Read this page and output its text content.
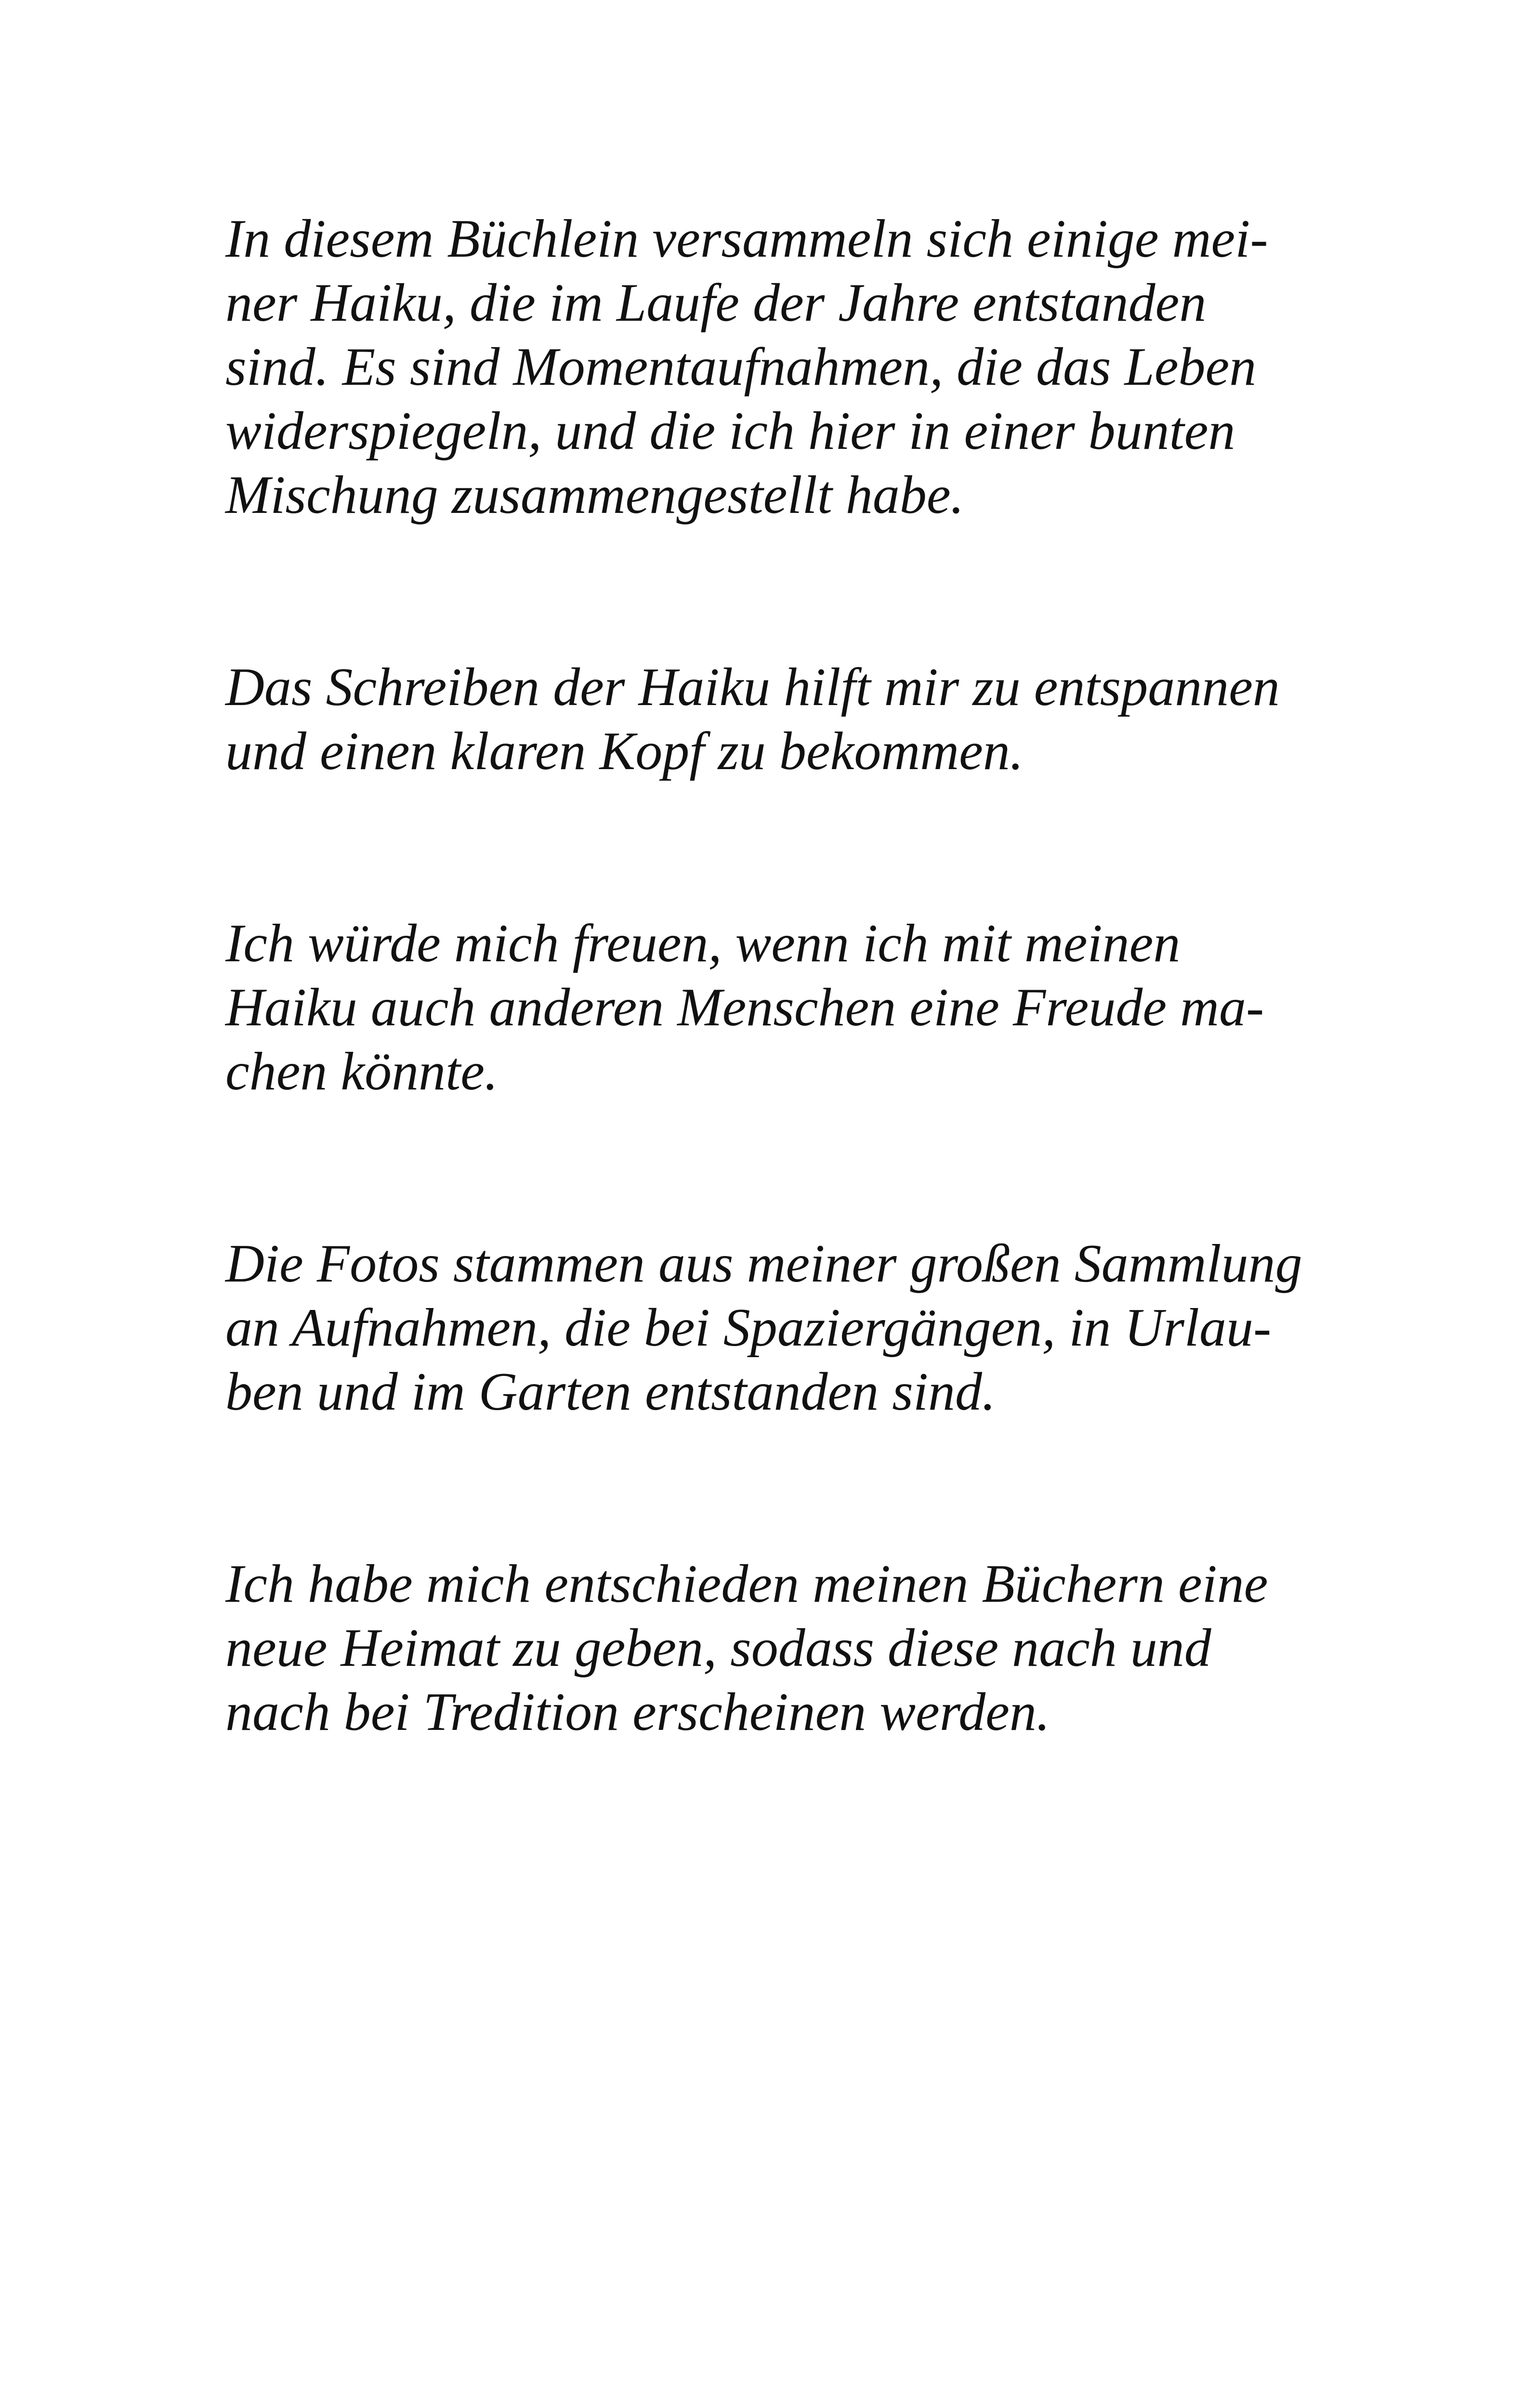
In diesem Büchlein versammeln sich einige mei-
ner Haiku, die im Laufe der Jahre entstanden
sind. Es sind Momentaufnahmen, die das Leben
widerspiegeln, und die ich hier in einer bunten
Mischung zusammengestellt habe.

Das Schreiben der Haiku hilft mir zu entspannen
und einen klaren Kopf zu bekommen.

Ich würde mich freuen, wenn ich mit meinen
Haiku auch anderen Menschen eine Freude ma-
chen könnte.

Die Fotos stammen aus meiner großen Sammlung
an Aufnahmen, die bei Spaziergängen, in Urlau-
ben und im Garten entstanden sind.

Ich habe mich entschieden meinen Büchern eine
neue Heimat zu geben, sodass diese nach und
nach bei Tredition erscheinen werden.
